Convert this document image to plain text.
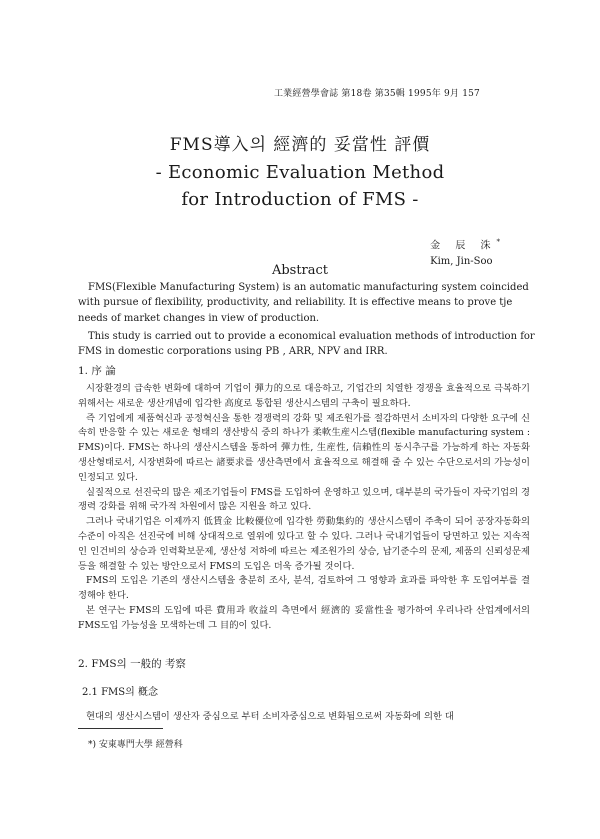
工業經營學會誌 第18卷 第35輯 1995年 9月 157
FMS導入의 經濟的 妥當性 評價
- Economic Evaluation Method
for Introduction of FMS -
金 辰 洙*
Kim, Jin-Soo
Abstract

FMS(Flexible Manufacturing System) is an automatic manufacturing system coincided with pursue of flexibility, productivity, and reliability. It is effective means to prove tje needs of market changes in view of production.

This study is carried out to provide a economical evaluation methods of introduction for FMS in domestic corporations using PB , ARR, NPV and IRR.

1. 序 論

시장환경의 급속한 변화에 대하여 기업이 彈力的으로 대응하고, 기업간의 치열한 경쟁을 효율적으로 극복하기 위해서는 새로운 생산개념에 입각한 高度로 통합된 생산시스템의 구축이 필요하다.

즉 기업에게 제품혁신과 공정혁신을 통한 경쟁력의 강화 및 제조원가를 절감하면서 소비자의 다양한 요구에 신속히 반응할 수 있는 새로운 형태의 생산방식 중의 하나가 柔軟生産시스템(flexible manufacturing system : FMS)이다. FMS는 하나의 생산시스템을 통하여 彈力性, 生産性, 信賴性의 동시추구를 가능하게 하는 자동화 생산형태로서, 시장변화에 따르는 諸要求를 생산측면에서 효율적으로 해결해 줄 수 있는 수단으로서의 가능성이 인정되고 있다.

실질적으로 선진국의 많은 제조기업들이 FMS를 도입하여 운영하고 있으며, 대부분의 국가들이 자국기업의 경쟁력 강화를 위해 국가적 차원에서 많은 지원을 하고 있다.

그러나 국내기업은 이제까지 低賃金 比較優位에 입각한 勞動集約的 생산시스템이 주축이 되어 공장자동화의 수준이 아직은 선진국에 비해 상대적으로 열위에 있다고 할 수 있다. 그러나 국내기업들이 당면하고 있는 지속적인 인건비의 상승과 인력확보문제, 생산성 저하에 따르는 제조원가의 상승, 납기준수의 문제, 제품의 신뢰성문제 등을 해결할 수 있는 방안으로서 FMS의 도입은 더욱 증가될 것이다.

FMS의 도입은 기존의 생산시스템을 충분히 조사, 분석, 검토하여 그 영향과 효과를 파악한 후 도입여부를 결정해야 한다.

본 연구는 FMS의 도입에 따른 費用과 收益의 측면에서 經濟的 妥當性을 평가하여 우리나라 산업계에서의 FMS도입 가능성을 모색하는데 그 目的이 있다.

2. FMS의 一般的 考察
2.1 FMS의 槪念
현대의 생산시스템이 생산자 중심으로 부터 소비자중심으로 변화됨으로써 자동화에 의한 대
*) 安東專門大學 經營科
